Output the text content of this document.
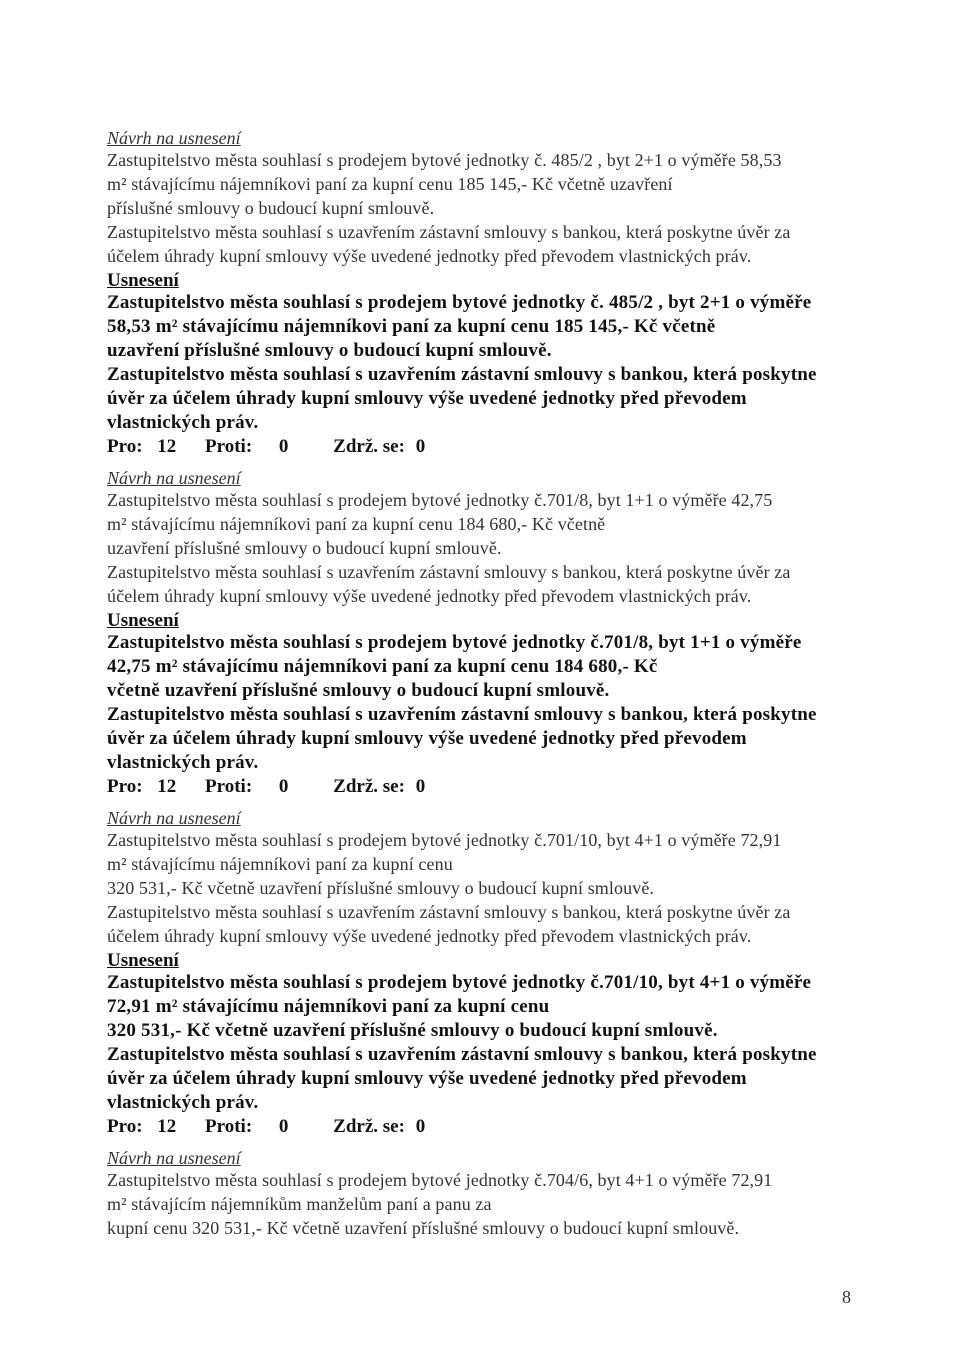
Návrh na usnesení
Zastupitelstvo města souhlasí s prodejem bytové jednotky č. 485/2 , byt 2+1 o výměře 58,53
m² stávajícímu nájemníkovi paní za kupní cenu 185 145,- Kč včetně uzavření
příslušné smlouvy o budoucí kupní smlouvě.
Zastupitelstvo města souhlasí s uzavřením zástavní smlouvy s bankou, která poskytne úvěr za
účelem úhrady kupní smlouvy výše uvedené jednotky před převodem vlastnických práv.
Usnesení
Zastupitelstvo města souhlasí s prodejem bytové jednotky č. 485/2 , byt 2+1 o výměře
58,53 m² stávajícímu nájemníkovi paní za kupní cenu 185 145,- Kč včetně
uzavření příslušné smlouvy o budoucí kupní smlouvě.
Zastupitelstvo města souhlasí s uzavřením zástavní smlouvy s bankou, která poskytne
úvěr za účelem úhrady kupní smlouvy výše uvedené jednotky před převodem
vlastnických práv.
Pro: 12 Proti: 0 Zdrž. se: 0
Návrh na usnesení
Zastupitelstvo města souhlasí s prodejem bytové jednotky č.701/8, byt 1+1 o výměře 42,75
m² stávajícímu nájemníkovi paní za kupní cenu 184 680,- Kč včetně
uzavření příslušné smlouvy o budoucí kupní smlouvě.
Zastupitelstvo města souhlasí s uzavřením zástavní smlouvy s bankou, která poskytne úvěr za
účelem úhrady kupní smlouvy výše uvedené jednotky před převodem vlastnických práv.
Usnesení
Zastupitelstvo města souhlasí s prodejem bytové jednotky č.701/8, byt 1+1 o výměře
42,75 m² stávajícímu nájemníkovi paní za kupní cenu 184 680,- Kč
včetně uzavření příslušné smlouvy o budoucí kupní smlouvě.
Zastupitelstvo města souhlasí s uzavřením zástavní smlouvy s bankou, která poskytne
úvěr za účelem úhrady kupní smlouvy výše uvedené jednotky před převodem
vlastnických práv.
Pro: 12 Proti: 0 Zdrž. se: 0
Návrh na usnesení
Zastupitelstvo města souhlasí s prodejem bytové jednotky č.701/10, byt 4+1 o výměře 72,91
m² stávajícímu nájemníkovi paní za kupní cenu
320 531,- Kč včetně uzavření příslušné smlouvy o budoucí kupní smlouvě.
Zastupitelstvo města souhlasí s uzavřením zástavní smlouvy s bankou, která poskytne úvěr za
účelem úhrady kupní smlouvy výše uvedené jednotky před převodem vlastnických práv.
Usnesení
Zastupitelstvo města souhlasí s prodejem bytové jednotky č.701/10, byt 4+1 o výměře
72,91 m² stávajícímu nájemníkovi paní za kupní cenu
320 531,- Kč včetně uzavření příslušné smlouvy o budoucí kupní smlouvě.
Zastupitelstvo města souhlasí s uzavřením zástavní smlouvy s bankou, která poskytne
úvěr za účelem úhrady kupní smlouvy výše uvedené jednotky před převodem
vlastnických práv.
Pro: 12 Proti: 0 Zdrž. se: 0
Návrh na usnesení
Zastupitelstvo města souhlasí s prodejem bytové jednotky č.704/6, byt 4+1 o výměře 72,91
m² stávajícím nájemníkům manželům paní a panu za
kupní cenu 320 531,- Kč včetně uzavření příslušné smlouvy o budoucí kupní smlouvě.
8
